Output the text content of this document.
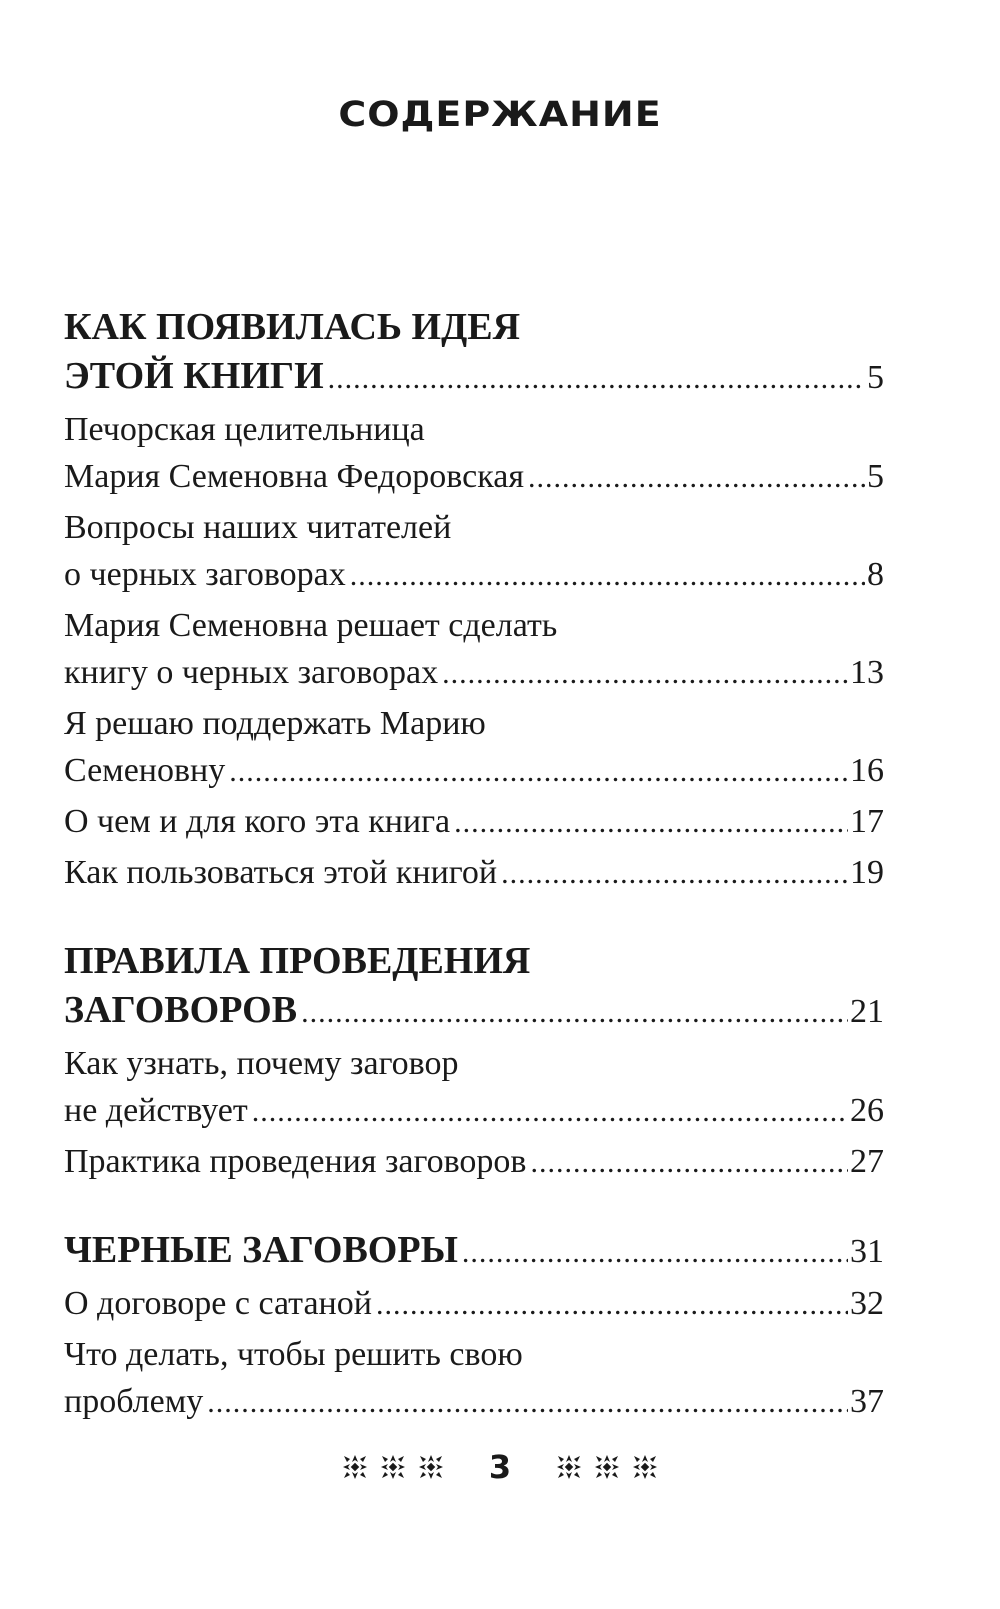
СОДЕРЖАНИЕ
КАК ПОЯВИЛАСЬ ИДЕЯ
ЭТОЙ КНИГИ .....	5
Печорская целительница
Мария Семеновна Федоровская .....	5
Вопросы наших читателей
о черных заговорах .....	8
Мария Семеновна решает сделать
книгу о черных заговорах .....	13
Я решаю поддержать Марию
Семеновну .....	16
О чем и для кого эта книга .....	17
Как пользоваться этой книгой .....	19
ПРАВИЛА ПРОВЕДЕНИЯ
ЗАГОВОРОВ .....	21
Как узнать, почему заговор
не действует .....	26
Практика проведения заговоров .....	27
ЧЕРНЫЕ ЗАГОВОРЫ .....	31
О договоре с сатаной .....	32
Что делать, чтобы решить свою
проблему .....	37
3
